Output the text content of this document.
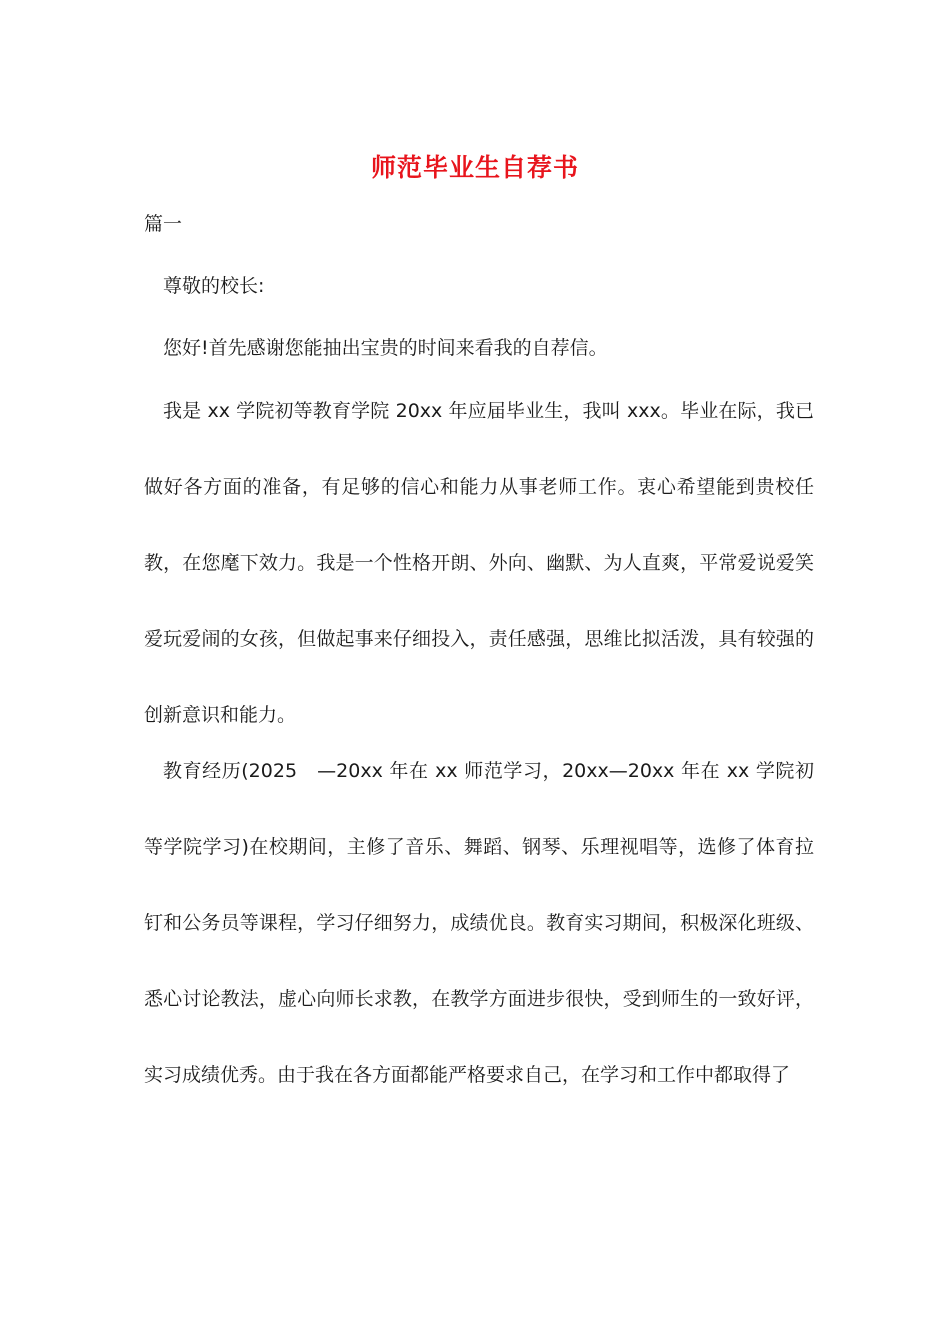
师范毕业生自荐书
篇一

尊敬的校长:

您好!首先感谢您能抽出宝贵的时间来看我的自荐信。

我是 xx 学院初等教育学院 20xx 年应届毕业生，我叫 xxx。毕业在际，我已做好各方面的准备，有足够的信心和能力从事老师工作。衷心希望能到贵校任教，在您麾下效力。我是一个性格开朗、外向、幽默、为人直爽，平常爱说爱笑爱玩爱闹的女孩，但做起事来仔细投入，责任感强，思维比拟活泼，具有较强的创新意识和能力。

教育经历(2025　—20xx 年在 xx 师范学习，20xx—20xx 年在 xx 学院初等学院学习)在校期间，主修了音乐、舞蹈、钢琴、乐理视唱等，选修了体育拉钉和公务员等课程，学习仔细努力，成绩优良。教育实习期间，积极深化班级、悉心讨论教法，虚心向师长求教，在教学方面进步很快，受到师生的一致好评，实习成绩优秀。由于我在各方面都能严格要求自己，在学习和工作中都取得了
